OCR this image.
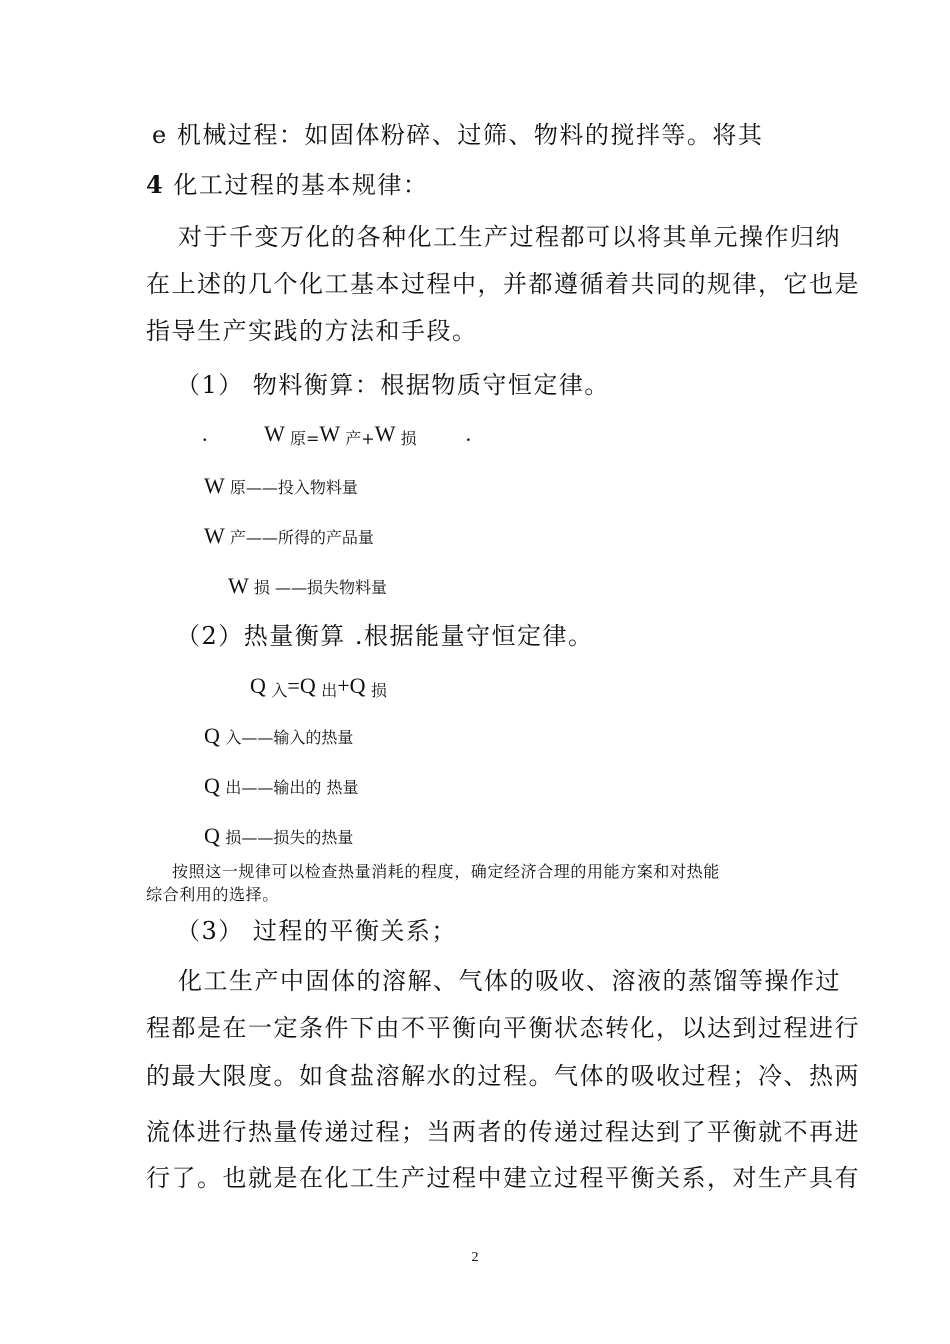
e 机械过程：如固体粉碎、过筛、物料的搅拌等。将其
4 化工过程的基本规律：
对于千变万化的各种化工生产过程都可以将其单元操作归纳
在上述的几个化工基本过程中，并都遵循着共同的规律，它也是
指导生产实践的方法和手段。
（1） 物料衡算：根据物质守恒定律。
.	W 原=W 产+W 损 .
W 原——投入物料量
W 产——所得的产品量
W 损 ——损失物料量
（2）热量衡算 .根据能量守恒定律。
Q 入=Q 出+Q 损
Q 入——输入的热量
Q 出——输出的 热量
Q 损——损失的热量
按照这一规律可以检查热量消耗的程度，确定经济合理的用能方案和对热能
综合利用的选择。
（3） 过程的平衡关系；
化工生产中固体的溶解、气体的吸收、溶液的蒸馏等操作过
程都是在一定条件下由不平衡向平衡状态转化，以达到过程进行
的最大限度。如食盐溶解水的过程。气体的吸收过程；冷、热两
流体进行热量传递过程；当两者的传递过程达到了平衡就不再进
行了。也就是在化工生产过程中建立过程平衡关系，对生产具有
2
